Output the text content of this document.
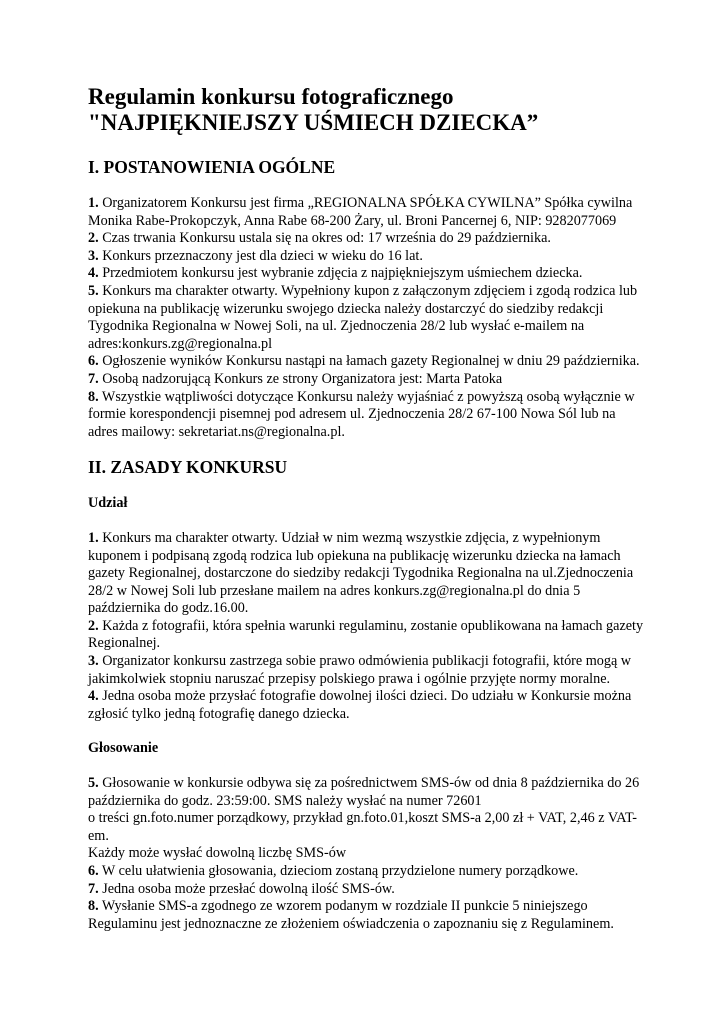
Regulamin konkursu fotograficznego
"NAJPIĘKNIEJSZY UŚMIECH DZIECKA”
I. POSTANOWIENIA OGÓLNE

1. Organizatorem Konkursu jest firma „REGIONALNA SPÓŁKA CYWILNA” Spółka cywilna Monika Rabe-Prokopczyk, Anna Rabe 68-200 Żary, ul. Broni Pancernej 6, NIP: 9282077069

2. Czas trwania Konkursu ustala się na okres od: 17 września do 29 października.

3. Konkurs przeznaczony jest dla dzieci w wieku do 16 lat.

4. Przedmiotem konkursu jest wybranie zdjęcia z najpiękniejszym uśmiechem dziecka.

5. Konkurs ma charakter otwarty. Wypełniony kupon z załączonym zdjęciem i zgodą rodzica lub opiekuna na publikację wizerunku swojego dziecka należy dostarczyć do siedziby redakcji Tygodnika Regionalna w Nowej Soli, na ul. Zjednoczenia 28/2 lub wysłać e-mailem na adres:konkurs.zg@regionalna.pl

6. Ogłoszenie wyników Konkursu nastąpi na łamach gazety Regionalnej w dniu 29 października.

7. Osobą nadzorującą Konkurs ze strony Organizatora jest: Marta Patoka

8. Wszystkie wątpliwości dotyczące Konkursu należy wyjaśniać z powyższą osobą wyłącznie w formie korespondencji pisemnej pod adresem ul. Zjednoczenia 28/2 67-100 Nowa Sól lub na adres mailowy: sekretariat.ns@regionalna.pl.

II. ZASADY KONKURSU
Udział

1. Konkurs ma charakter otwarty. Udział w nim wezmą wszystkie zdjęcia, z wypełnionym kuponem i podpisaną zgodą rodzica lub opiekuna na publikację wizerunku dziecka na łamach gazety Regionalnej, dostarczone do siedziby redakcji Tygodnika Regionalna na ul.Zjednoczenia 28/2 w Nowej Soli lub przesłane mailem na adres konkurs.zg@regionalna.pl do dnia 5 października do godz.16.00.

2. Każda z fotografii, która spełnia warunki regulaminu, zostanie opublikowana na łamach gazety Regionalnej.

3. Organizator konkursu zastrzega sobie prawo odmówienia publikacji fotografii, które mogą w jakimkolwiek stopniu naruszać przepisy polskiego prawa i ogólnie przyjęte normy moralne.

4. Jedna osoba może przysłać fotografie dowolnej ilości dzieci. Do udziału w Konkursie można zgłosić tylko jedną fotografię danego dziecka.

Głosowanie

5. Głosowanie w konkursie odbywa się za pośrednictwem SMS-ów od dnia 8 października do 26 października do godz. 23:59:00. SMS należy wysłać na numer 72601

o treści gn.foto.numer porządkowy, przykład gn.foto.01,koszt SMS-a 2,00 zł + VAT, 2,46 z VAT-em.

Każdy może wysłać dowolną liczbę SMS-ów

6. W celu ułatwienia głosowania, dzieciom zostaną przydzielone numery porządkowe.

7. Jedna osoba może przesłać dowolną ilość SMS-ów.

8. Wysłanie SMS-a zgodnego ze wzorem podanym w rozdziale II punkcie 5 niniejszego Regulaminu jest jednoznaczne ze złożeniem oświadczenia o zapoznaniu się z Regulaminem.
